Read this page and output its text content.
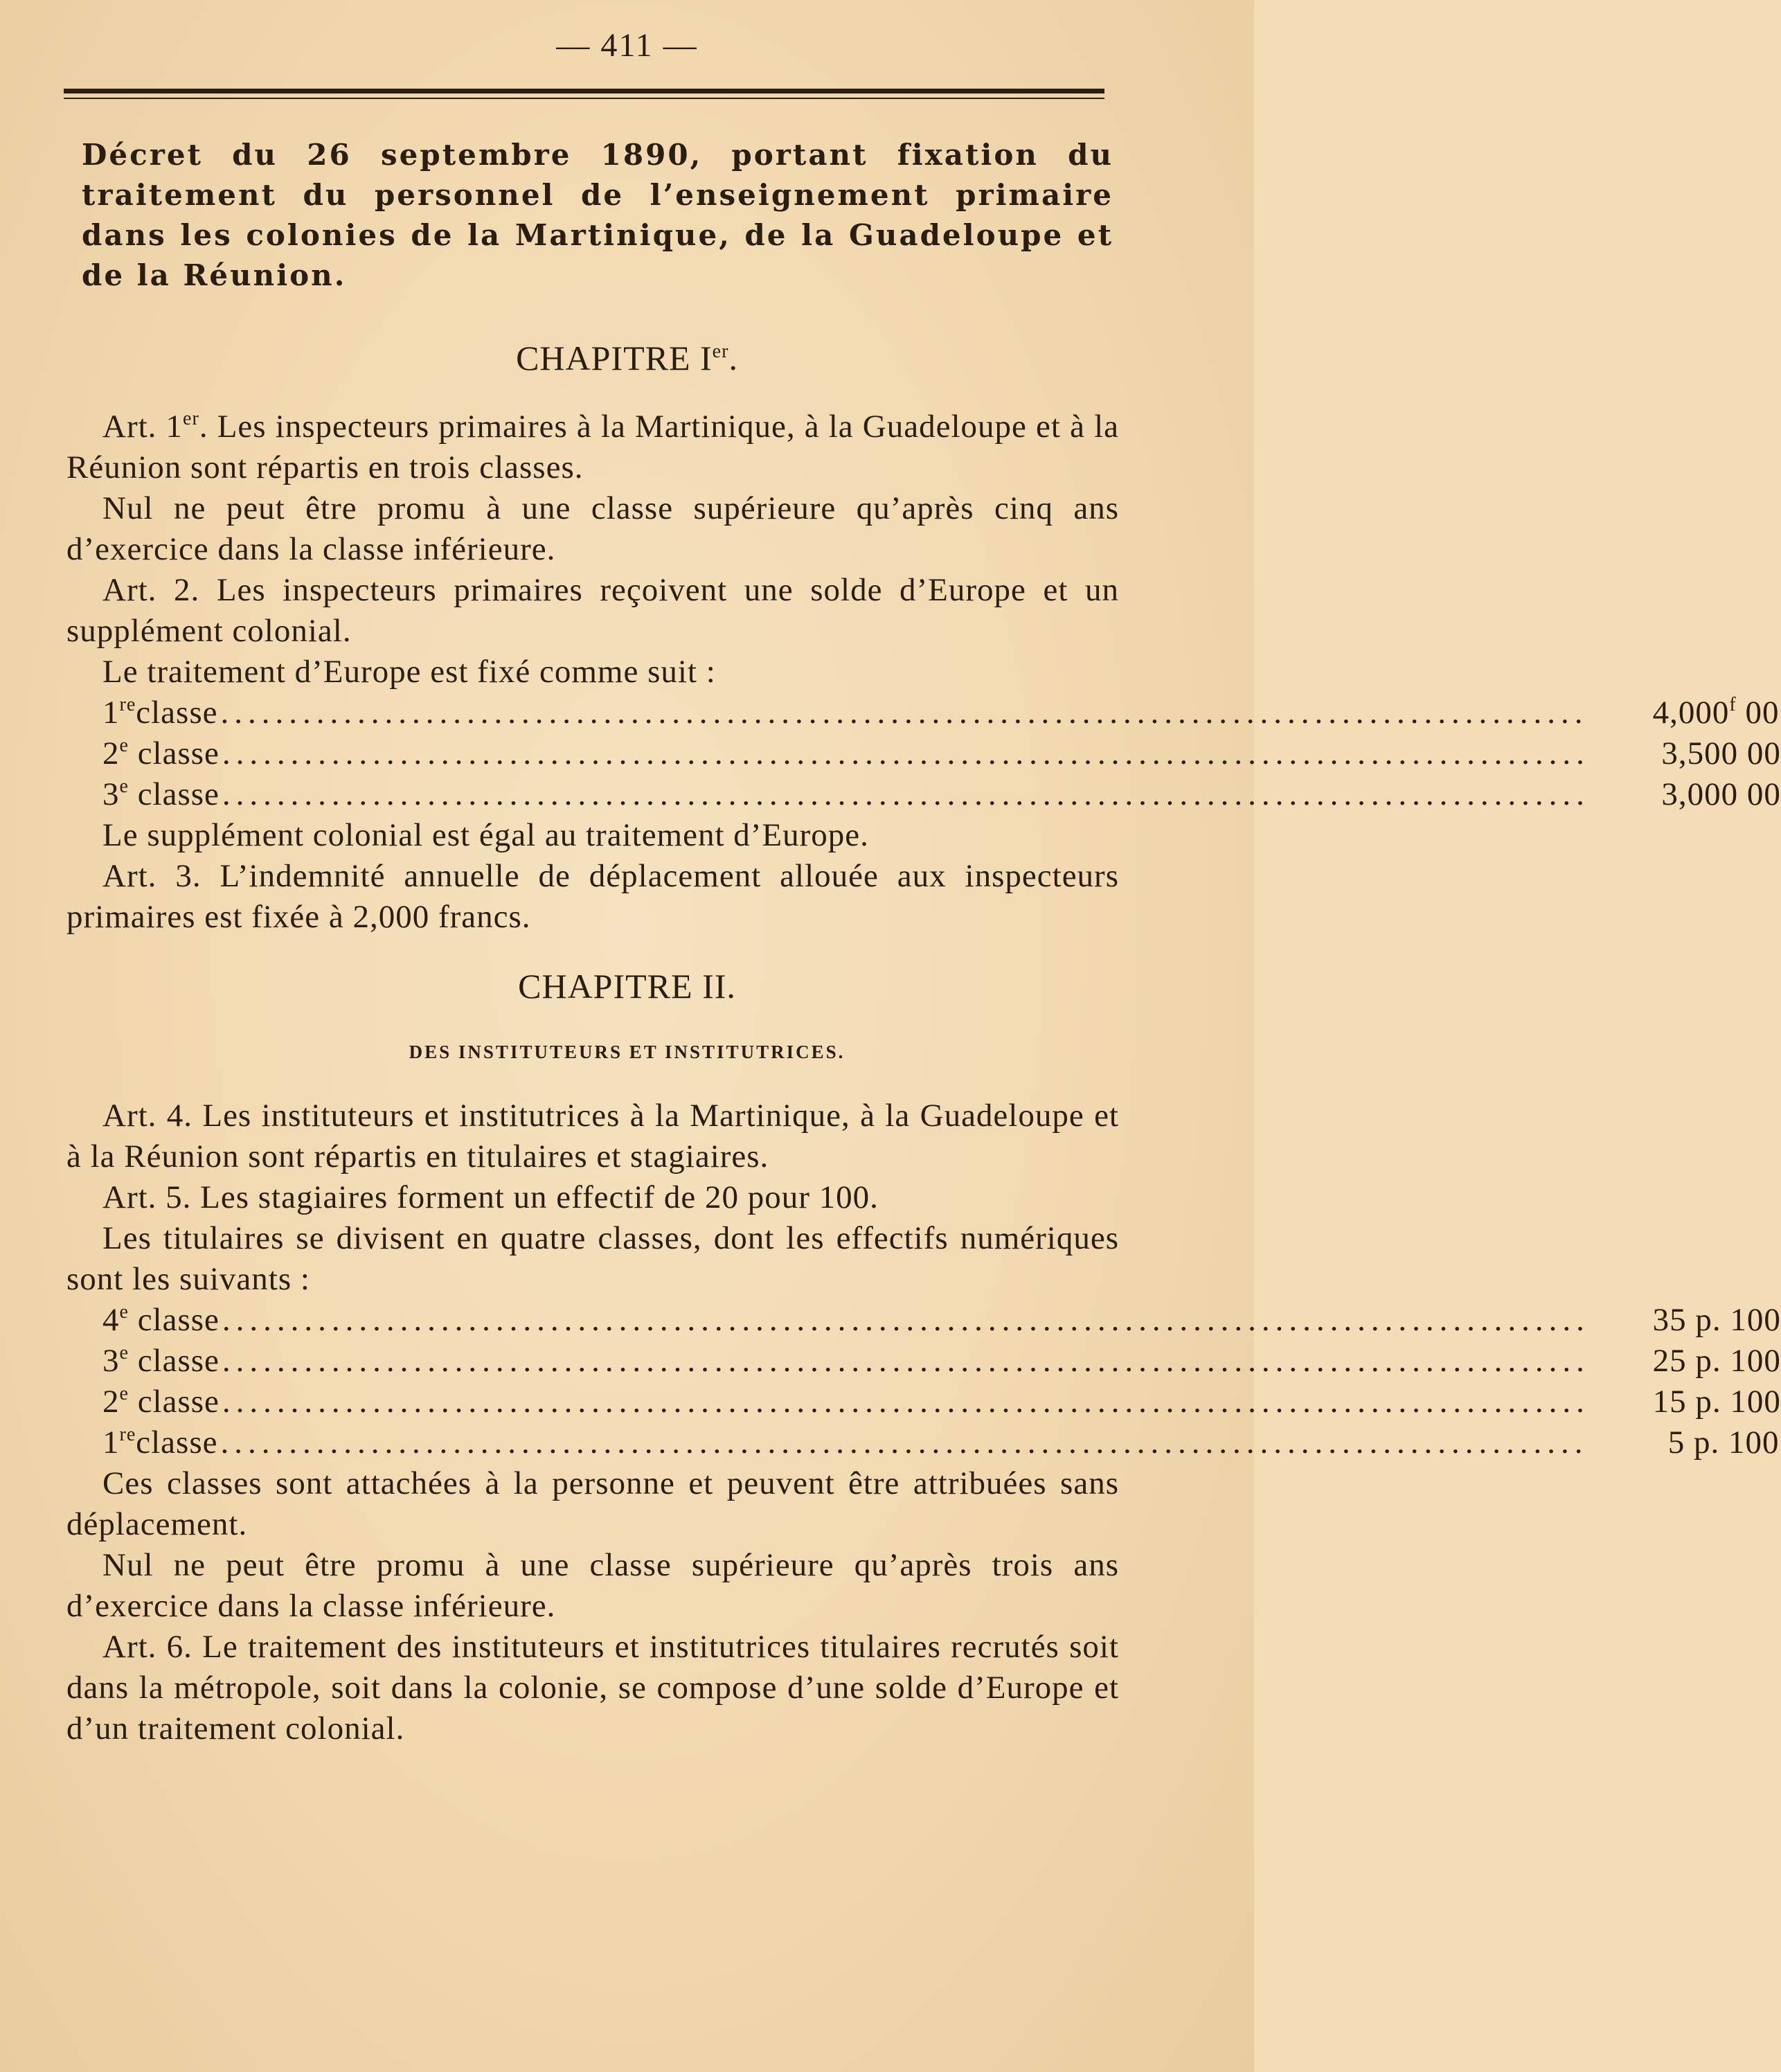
— 411 —
Décret du 26 septembre 1890, portant fixation du traitement du personnel de l’enseignement primaire dans les colonies de la Martinique, de la Guadeloupe et de la Réunion.
CHAPITRE Ier.

Art. 1er. Les inspecteurs primaires à la Martinique, à la Guadeloupe et à la Réunion sont répartis en trois classes.

Nul ne peut être promu à une classe supérieure qu’après cinq ans d’exercice dans la classe inférieure.

Art. 2. Les inspecteurs primaires reçoivent une solde d’Europe et un supplément colonial.

Le traitement d’Europe est fixé comme suit :

1reclasse ....................................................................................................	4,000$^f$ 00
2e classe ....................................................................................................	3,500 00
3e classe ....................................................................................................	3,000 00

Le supplément colonial est égal au traitement d’Europe.

Art. 3. L’indemnité annuelle de déplacement allouée aux inspecteurs primaires est fixée à 2,000 francs.

CHAPITRE II.
DES INSTITUTEURS ET INSTITUTRICES.

Art. 4. Les instituteurs et institutrices à la Martinique, à la Guadeloupe et à la Réunion sont répartis en titulaires et stagiaires.

Art. 5. Les stagiaires forment un effectif de 20 pour 100.

Les titulaires se divisent en quatre classes, dont les effectifs numériques sont les suivants :

4e classe ....................................................................................................	35 p. 100
3e classe ....................................................................................................	25 p. 100
2e classe ....................................................................................................	15 p. 100
1reclasse ....................................................................................................	5 p. 100

Ces classes sont attachées à la personne et peuvent être attribuées sans déplacement.

Nul ne peut être promu à une classe supérieure qu’après trois ans d’exercice dans la classe inférieure.

Art. 6. Le traitement des instituteurs et institutrices titulaires recrutés soit dans la métropole, soit dans la colonie, se compose d’une solde d’Europe et d’un traitement colonial.
